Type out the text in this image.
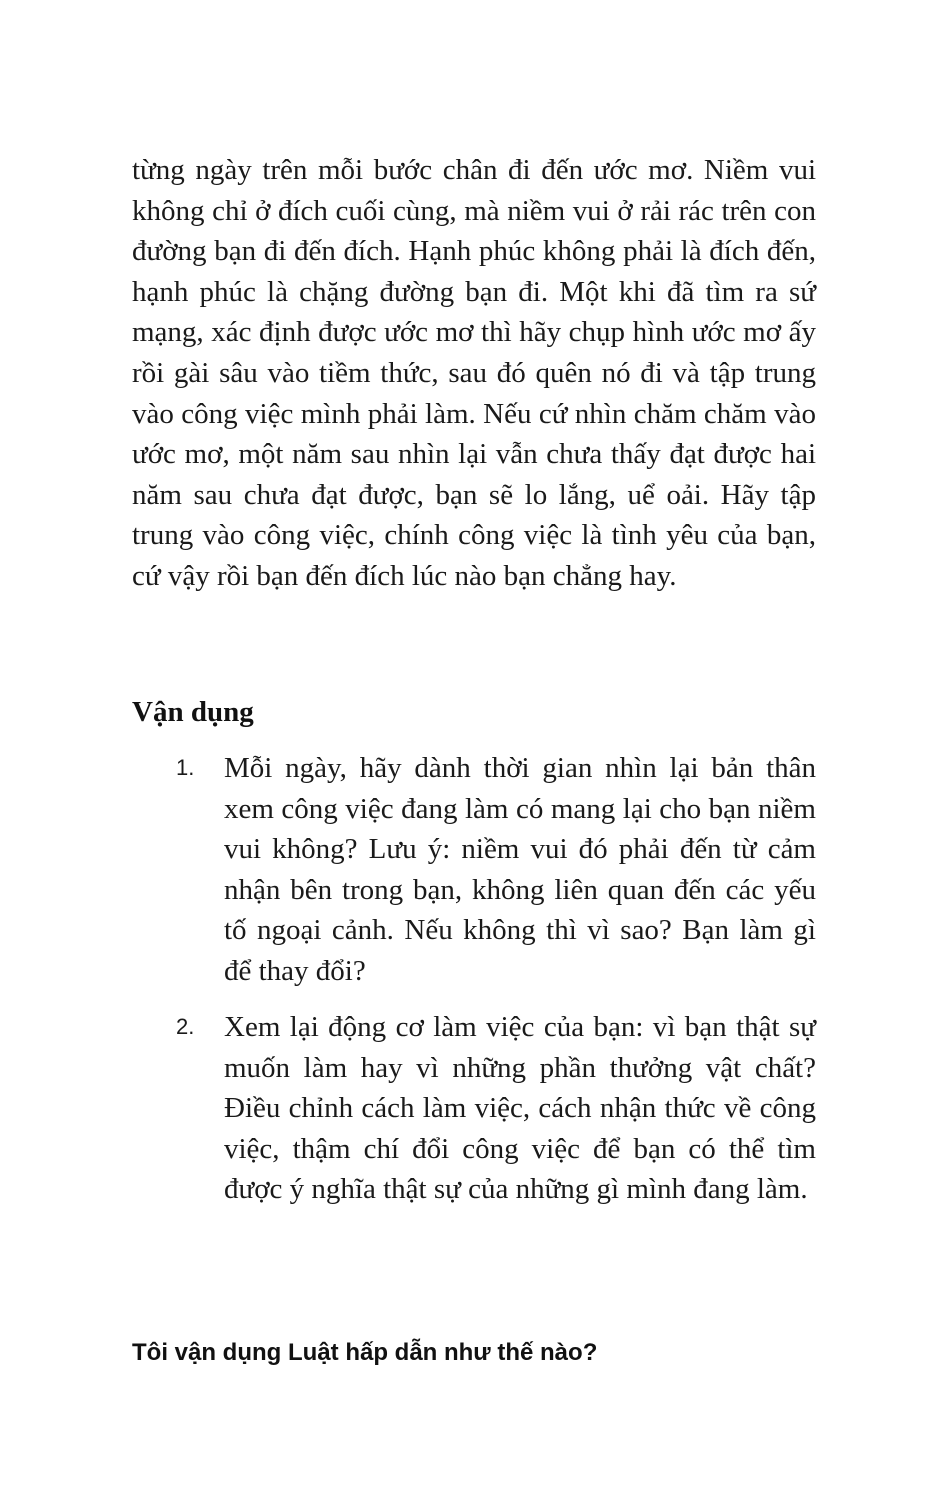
từng ngày trên mỗi bước chân đi đến ước mơ. Niềm vui không chỉ ở đích cuối cùng, mà niềm vui ở rải rác trên con đường bạn đi đến đích. Hạnh phúc không phải là đích đến, hạnh phúc là chặng đường bạn đi. Một khi đã tìm ra sứ mạng, xác định được ước mơ thì hãy chụp hình ước mơ ấy rồi gài sâu vào tiềm thức, sau đó quên nó đi và tập trung vào công việc mình phải làm. Nếu cứ nhìn chăm chăm vào ước mơ, một năm sau nhìn lại vẫn chưa thấy đạt được hai năm sau chưa đạt được, bạn sẽ lo lắng, uể oải. Hãy tập trung vào công việc, chính công việc là tình yêu của bạn, cứ vậy rồi bạn đến đích lúc nào bạn chẳng hay.

Vận dụng
1. Mỗi ngày, hãy dành thời gian nhìn lại bản thân xem công việc đang làm có mang lại cho bạn niềm vui không? Lưu ý: niềm vui đó phải đến từ cảm nhận bên trong bạn, không liên quan đến các yếu tố ngoại cảnh. Nếu không thì vì sao? Bạn làm gì để thay đổi?

2. Xem lại động cơ làm việc của bạn: vì bạn thật sự muốn làm hay vì những phần thưởng vật chất? Điều chỉnh cách làm việc, cách nhận thức về công việc, thậm chí đổi công việc để bạn có thể tìm được ý nghĩa thật sự của những gì mình đang làm.

Tôi vận dụng Luật hấp dẫn như thế nào?
